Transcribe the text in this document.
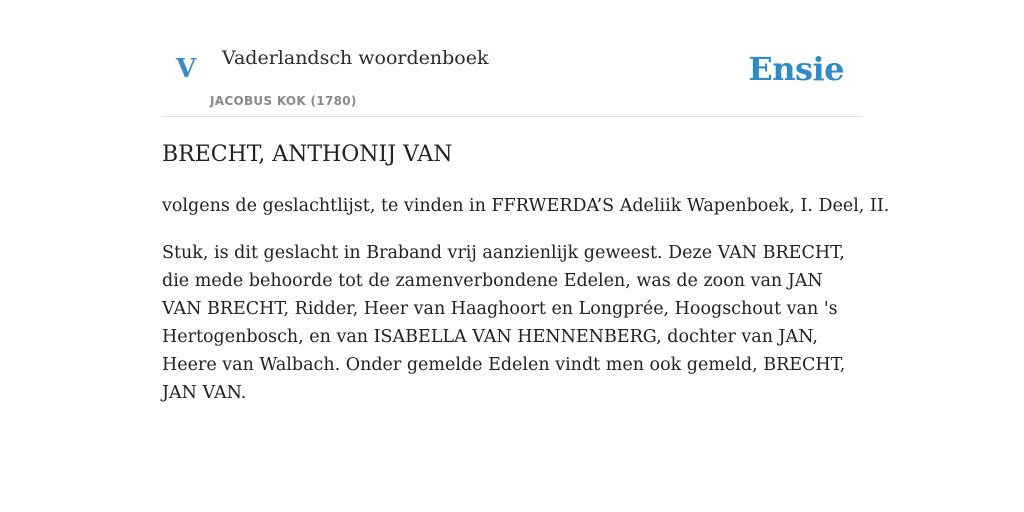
V Vaderlandsch woordenboek
JACOBUS KOK (1780)
Ensie
BRECHT, ANTHONIJ VAN

volgens de geslachtlijst, te vinden in FFRWERDA’S Adeliik Wapenboek, I. Deel, II.

Stuk, is dit geslacht in Braband vrij aanzienlijk geweest. Deze VAN BRECHT, die mede behoorde tot de zamenverbondene Edelen, was de zoon van JAN VAN BRECHT, Ridder, Heer van Haaghoort en Longprée, Hoogschout van 's Hertogenbosch, en van ISABELLA VAN HENNENBERG, dochter van JAN, Heere van Walbach. Onder gemelde Edelen vindt men ook gemeld, BRECHT, JAN VAN.
